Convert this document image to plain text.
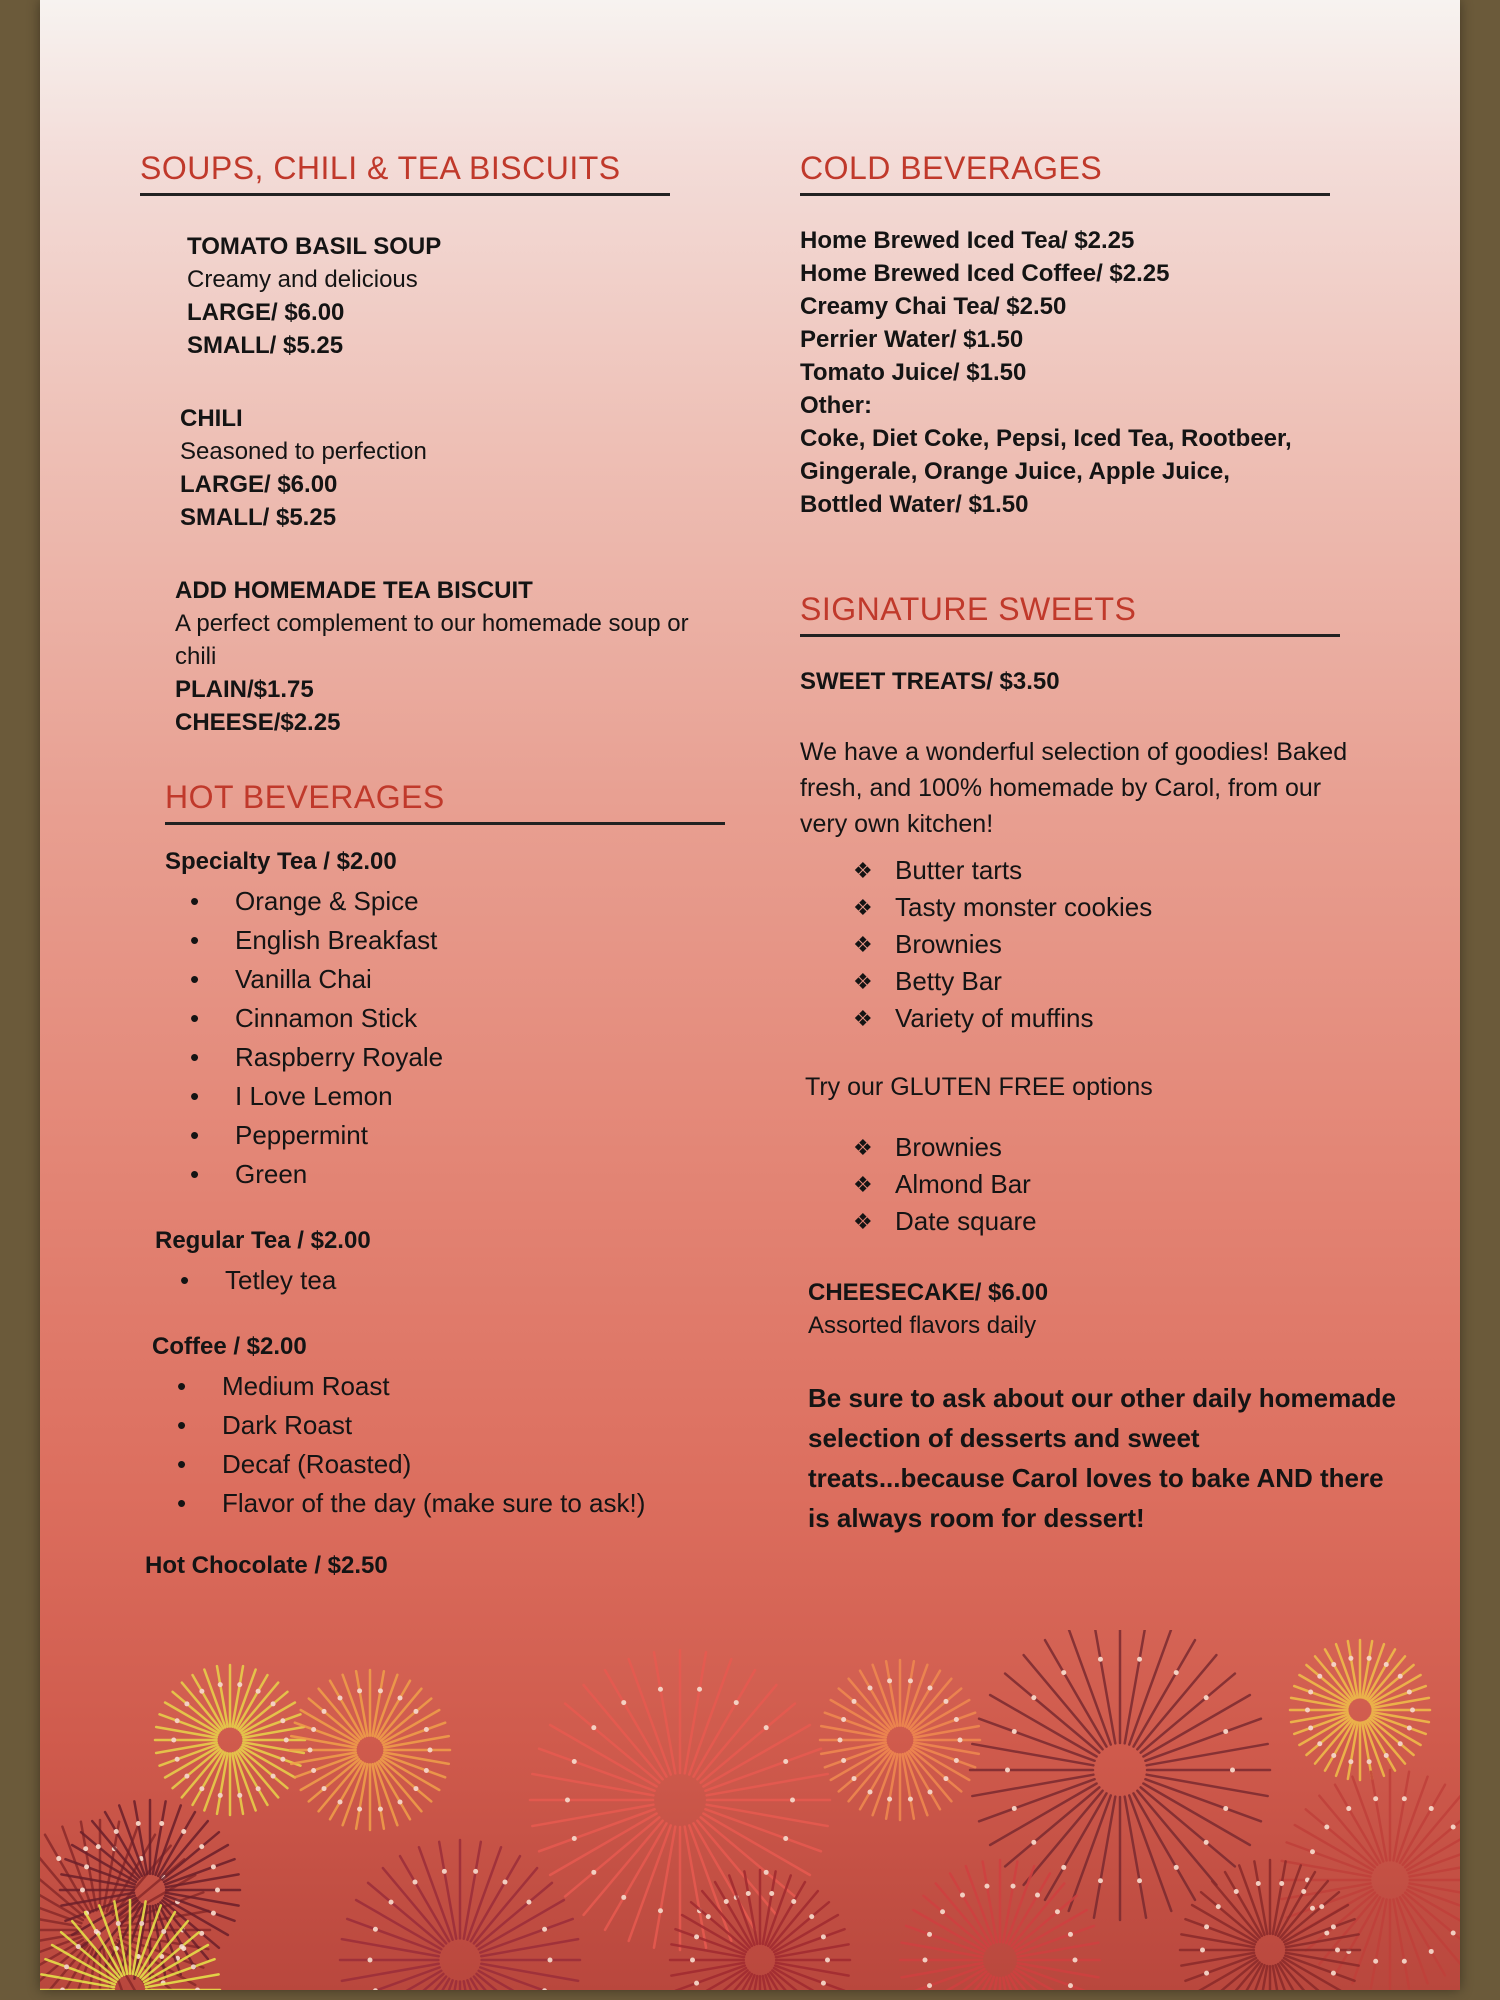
SOUPS, CHILI & TEA BISCUITS

TOMATO BASIL SOUP

Creamy and delicious

LARGE/ $6.00

SMALL/ $5.25

CHILI

Seasoned to perfection

LARGE/ $6.00

SMALL/ $5.25

ADD HOMEMADE TEA BISCUIT

A perfect complement to our homemade soup or chili

PLAIN/$1.75

CHEESE/$2.25

HOT BEVERAGES

Specialty Tea / $2.00

• Orange & Spice
• English Breakfast
• Vanilla Chai
• Cinnamon Stick
• Raspberry Royale
• I Love Lemon
• Peppermint
• Green

Regular Tea / $2.00

• Tetley tea

Coffee / $2.00

• Medium Roast
• Dark Roast
• Decaf (Roasted)
• Flavor of the day (make sure to ask!)

Hot Chocolate / $2.50

COLD BEVERAGES

Home Brewed Iced Tea/ $2.25

Home Brewed Iced Coffee/ $2.25

Creamy Chai Tea/ $2.50

Perrier Water/ $1.50

Tomato Juice/ $1.50

Other:

Coke, Diet Coke, Pepsi, Iced Tea, Rootbeer,

Gingerale, Orange Juice, Apple Juice,

Bottled Water/ $1.50

SIGNATURE SWEETS

SWEET TREATS/ $3.50

We have a wonderful selection of goodies! Baked fresh, and 100% homemade by Carol, from our very own kitchen!

❖ Butter tarts
❖ Tasty monster cookies
❖ Brownies
❖ Betty Bar
❖ Variety of muffins

Try our GLUTEN FREE options

❖ Brownies
❖ Almond Bar
❖ Date square

CHEESECAKE/ $6.00

Assorted flavors daily

Be sure to ask about our other daily homemade selection of desserts and sweet treats...because Carol loves to bake AND there is always room for dessert!
